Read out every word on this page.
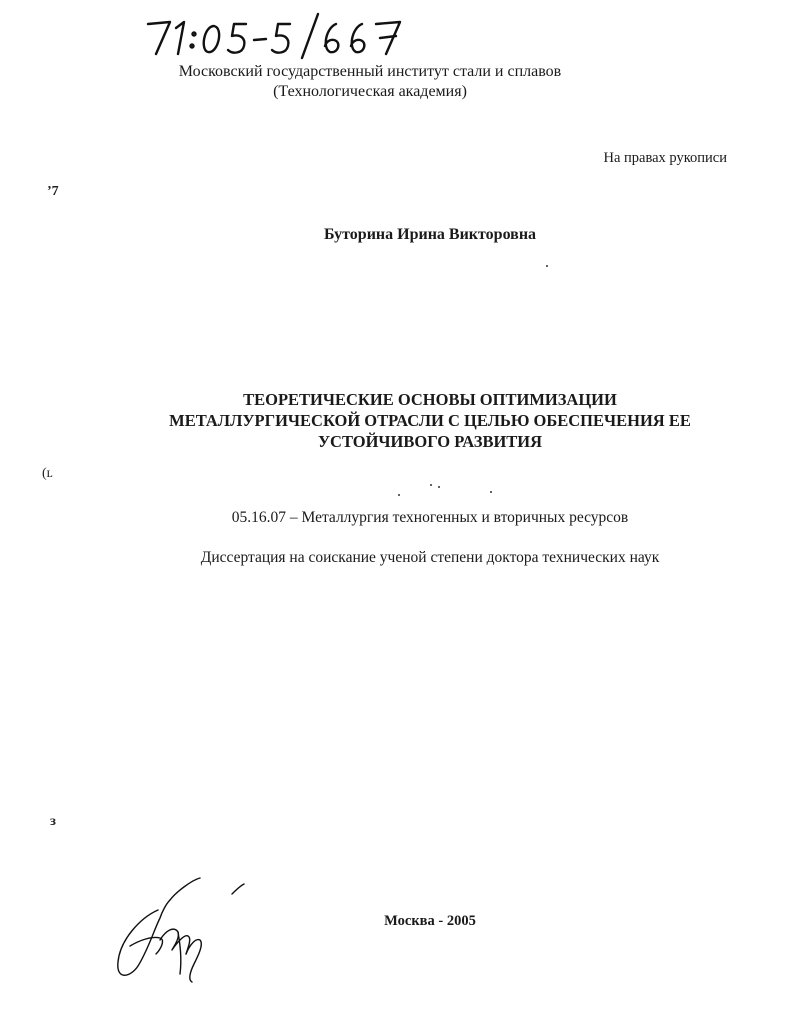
Московский государственный институт стали и сплавов
(Технологическая академия)
На правах рукописи
ʼ7
Буторина Ирина Викторовна
ТЕОРЕТИЧЕСКИЕ ОСНОВЫ ОПТИМИЗАЦИИ
МЕТАЛЛУРГИЧЕСКОЙ ОТРАСЛИ С ЦЕЛЬЮ ОБЕСПЕЧЕНИЯ ЕЕ
УСТОЙЧИВОГО РАЗВИТИЯ
(ʟ
05.16.07 – Металлургия техногенных и вторичных ресурсов
Диссертация на соискание ученой степени доктора технических наук
ɜ
Москва - 2005
